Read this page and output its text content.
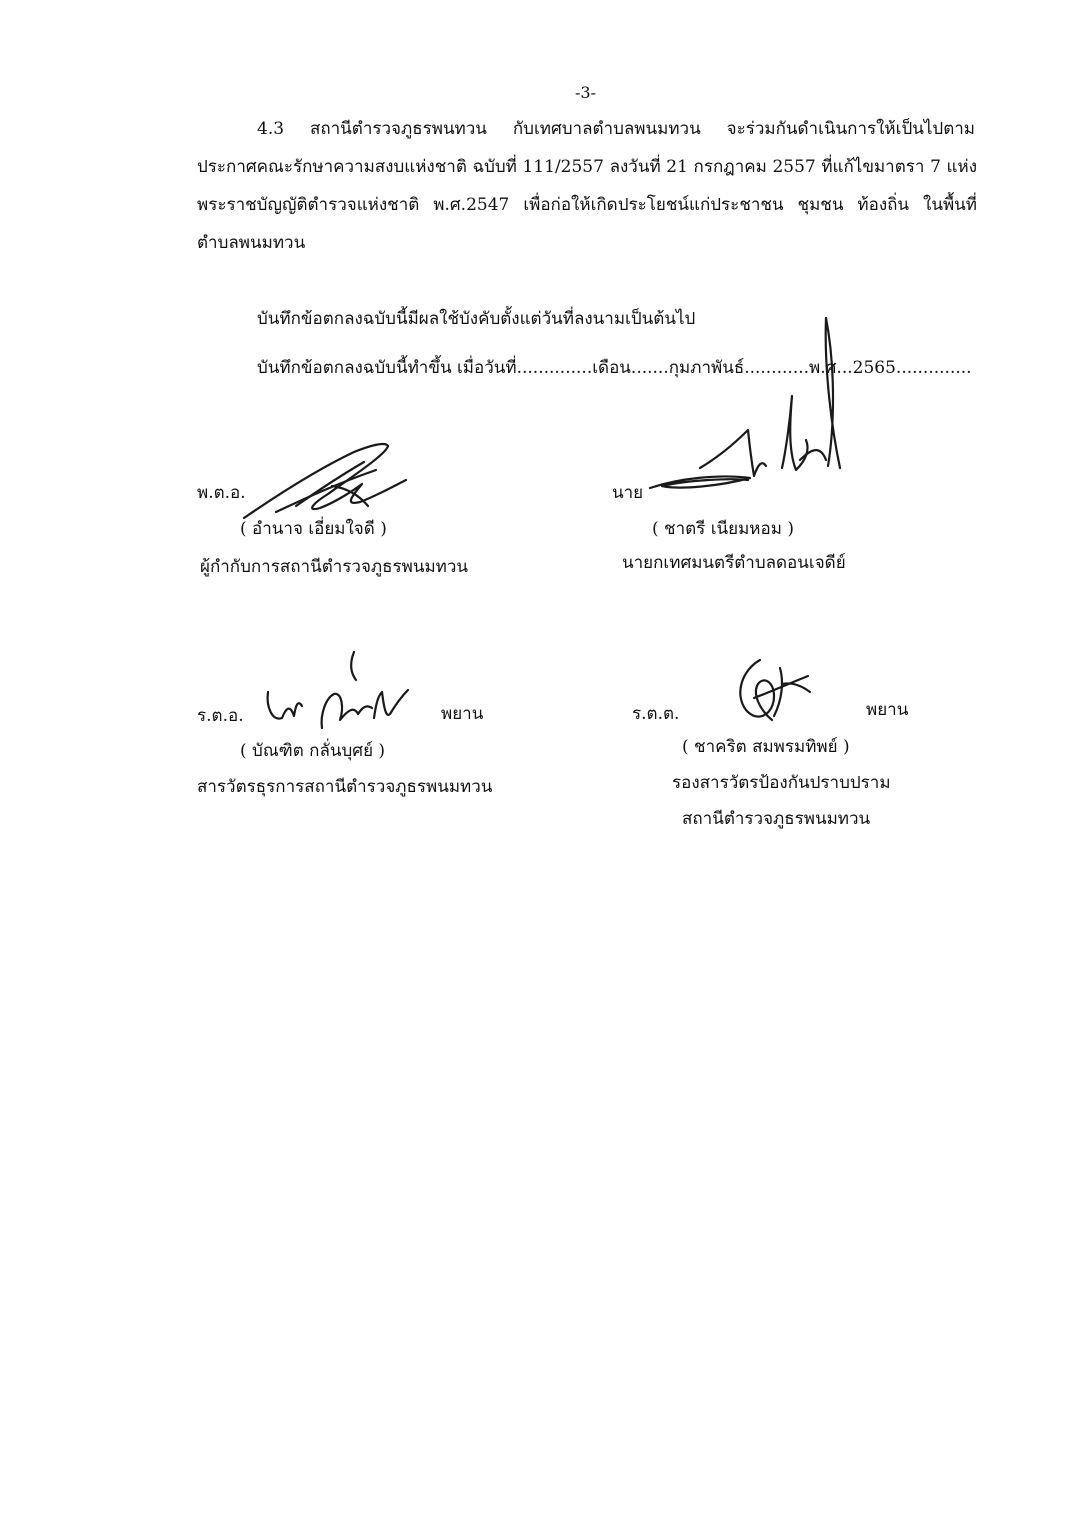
-3-
4.3 สถานีตำรวจภูธรพนทวน กับเทศบาลตำบลพนมทวน จะร่วมกันดำเนินการให้เป็นไปตาม
ประกาศคณะรักษาความสงบแห่งชาติ ฉบับที่ 111/2557 ลงวันที่ 21 กรกฎาคม 2557 ที่แก้ไขมาตรา 7 แห่ง
พระราชบัญญัติตำรวจแห่งชาติ พ.ศ.2547 เพื่อก่อให้เกิดประโยชน์แก่ประชาชน ชุมชน ท้องถิ่น ในพื้นที่
ตำบลพนมทวน
บันทึกข้อตกลงฉบับนี้มีผลใช้บังคับตั้งแต่วันที่ลงนามเป็นต้นไป
บันทึกข้อตกลงฉบับนี้ทำขึ้น เมื่อวันที่..............เดือน.......กุมภาพันธ์............พ.ศ...2565..............
พ.ต.อ.
( อำนาจ เอี่ยมใจดี )
ผู้กำกับการสถานีตำรวจภูธรพนมทวน
นาย
( ชาตรี เนียมหอม )
นายกเทศมนตรีตำบลดอนเจดีย์
ร.ต.อ.	พยาน
( บัณฑิต กลั่นบุศย์ )
สารวัตรธุรการสถานีตำรวจภูธรพนมทวน
ร.ต.ต.	พยาน
( ชาคริต สมพรมทิพย์ )
รองสารวัตรป้องกันปราบปราม
สถานีตำรวจภูธรพนมทวน
